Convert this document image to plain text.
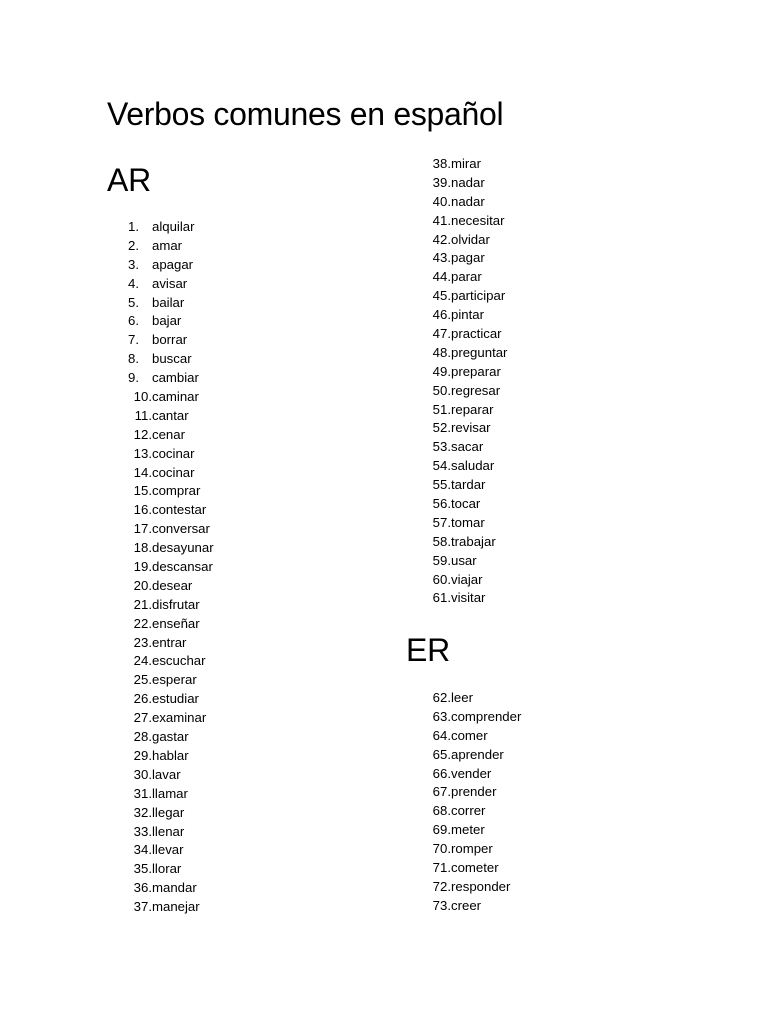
Verbos comunes en español
AR
1. alquilar
2. amar
3. apagar
4. avisar
5. bailar
6. bajar
7. borrar
8. buscar
9. cambiar
10. caminar
11. cantar
12. cenar
13. cocinar
14. cocinar
15. comprar
16. contestar
17. conversar
18. desayunar
19. descansar
20. desear
21. disfrutar
22. enseñar
23. entrar
24. escuchar
25. esperar
26. estudiar
27. examinar
28. gastar
29. hablar
30. lavar
31. llamar
32. llegar
33. llenar
34. llevar
35. llorar
36. mandar
37. manejar
38. mirar
39. nadar
40. nadar
41. necesitar
42. olvidar
43. pagar
44. parar
45. participar
46. pintar
47. practicar
48. preguntar
49. preparar
50. regresar
51. reparar
52. revisar
53. sacar
54. saludar
55. tardar
56. tocar
57. tomar
58. trabajar
59. usar
60. viajar
61. visitar
ER
62. leer
63. comprender
64. comer
65. aprender
66. vender
67. prender
68. correr
69. meter
70. romper
71. cometer
72. responder
73. creer
